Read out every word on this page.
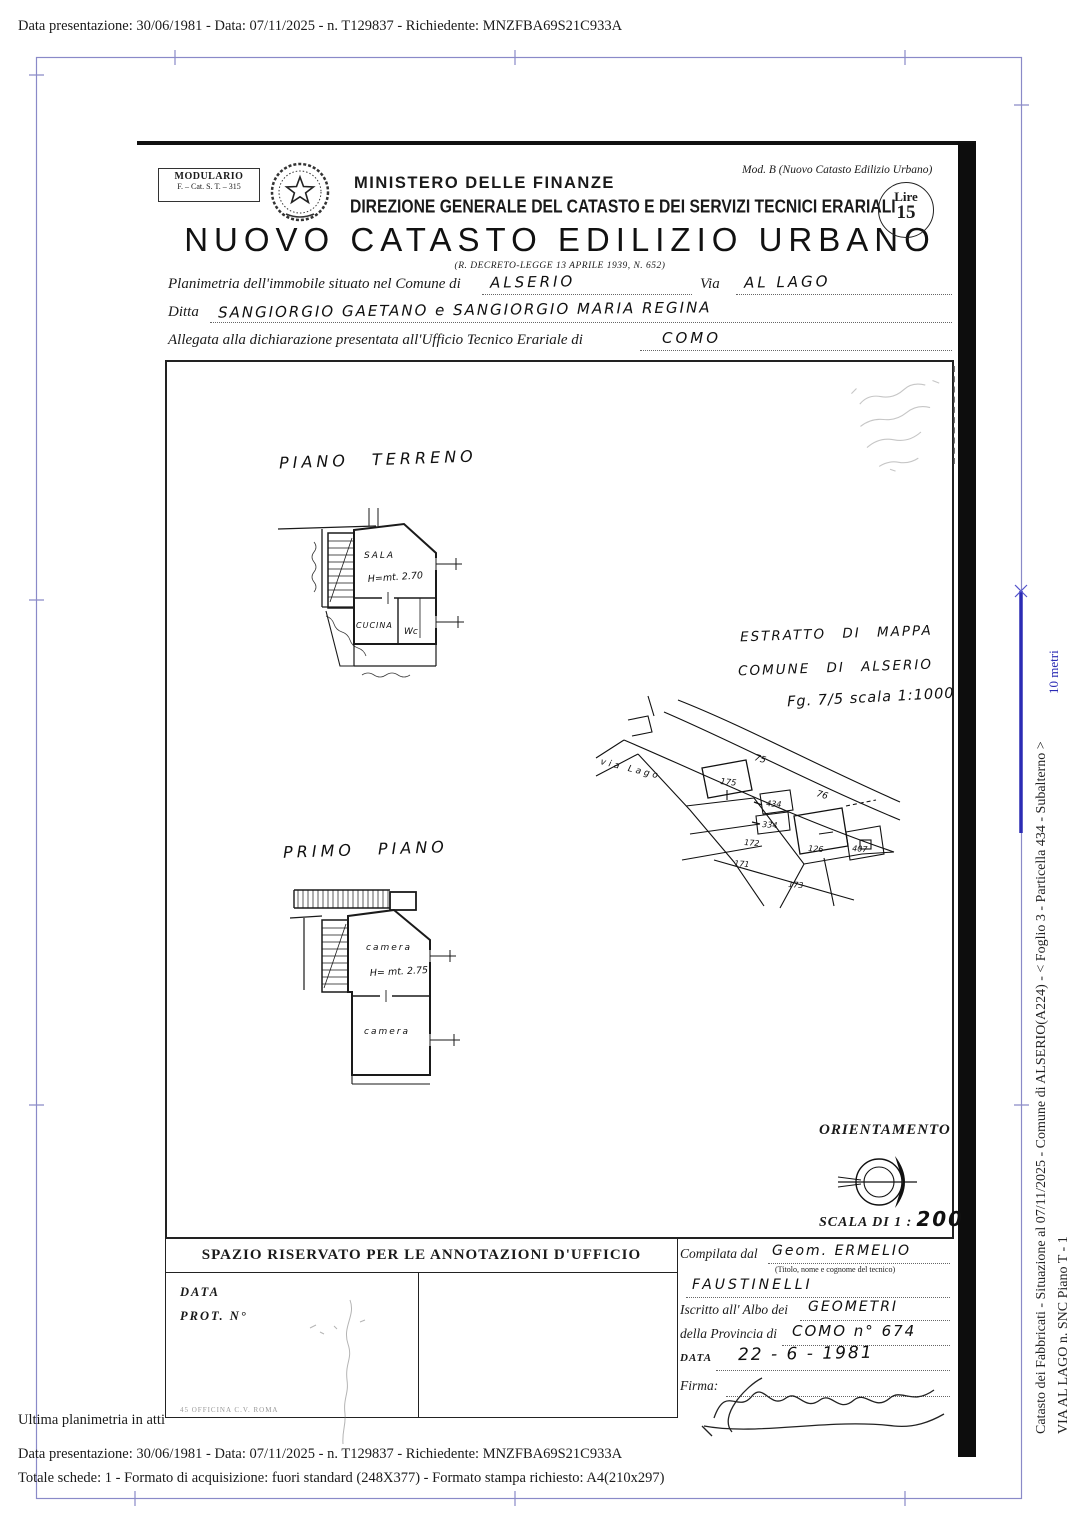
Data presentazione: 30/06/1981 - Data: 07/11/2025 - n. T129837 - Richiedente: MNZFBA69S21C933A
MODULARIO
F. – Cat. S. T. – 315	MINISTERO DELLE FINANZE
DIREZIONE GENERALE DEL CATASTO E DEI SERVIZI TECNICI ERARIALI
Mod. B (Nuovo Catasto Edilizio Urbano)
NUOVO CATASTO EDILIZIO URBANO
(R. DECRETO-LEGGE 13 APRILE 1939, N. 652)
Lire
15
Planimetria dell'immobile situato nel Comune di ALSERIO	Via AL LAGO
Ditta SANGIORGIO GAETANO e SANGIORGIO MARIA REGINA
Allegata alla dichiarazione presentata all'Ufficio Tecnico Erariale di	COMO
PIANO TERRENO
SALA
H=mt. 2.70
CUCINA
Wc	ESTRATTO DI MAPPA
COMUNE DI ALSERIO
Fg. 7/5 scala 1:1000
via Lago	75
175
76
434
334
172
171
126	407
173
PRIMO PIANO
camera
H= mt. 2.75
camera
ORIENTAMENTO
SCALA DI 1 : 200
SPAZIO RISERVATO PER LE ANNOTAZIONI D'UFFICIO
DATA
PROT. N°
45 OFFICINA C.V. ROMA
Compilata dal Geom. ERMELIO
(Titolo, nome e cognome del tecnico)
FAUSTINELLI
Iscritto all' Albo dei GEOMETRI
della Provincia di COMO n° 674
DATA 22 - 6 - 1981
Firma:	Catasto dei Fabbricati - Situazione al 07/11/2025 - Comune di ALSERIO(A224) - < Foglio 3 - Particella 434 - Subalterno > VIA AL LAGO n. SNC Piano T - 1
10 metri
Ultima planimetria in atti
Data presentazione: 30/06/1981 - Data: 07/11/2025 - n. T129837 - Richiedente: MNZFBA69S21C933A
Totale schede: 1 - Formato di acquisizione: fuori standard (248X377) - Formato stampa richiesto: A4(210x297)
